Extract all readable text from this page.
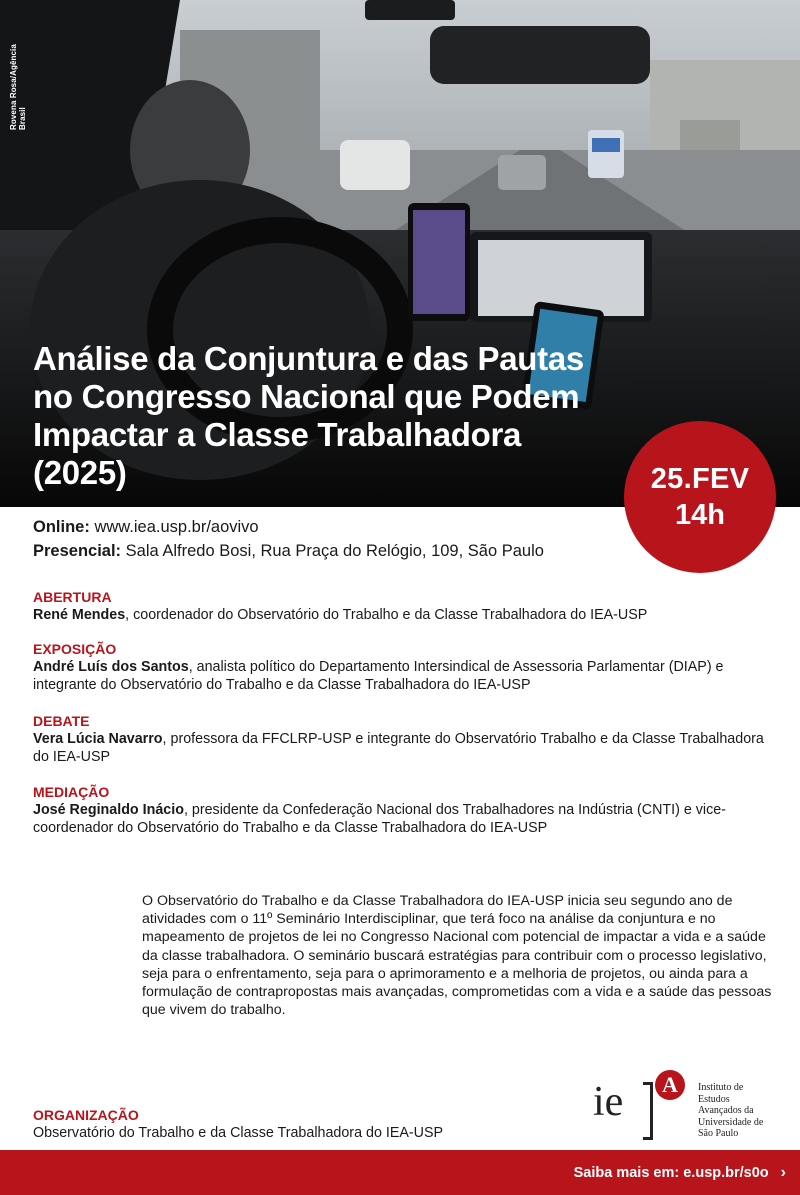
Rovena Rosa/Agência Brasil
Análise da Conjuntura e das Pautas no Congresso Nacional que Podem Impactar a Classe Trabalhadora (2025)	25.FEV
14h
Online: www.iea.usp.br/aovivo
Presencial: Sala Alfredo Bosi, Rua Praça do Relógio, 109, São Paulo
ABERTURA
René Mendes, coordenador do Observatório do Trabalho e da Classe Trabalhadora do IEA-USP
EXPOSIÇÃO
André Luís dos Santos, analista político do Departamento Intersindical de Assessoria Parlamentar (DIAP) e integrante do Observatório do Trabalho e da Classe Trabalhadora do IEA-USP
DEBATE
Vera Lúcia Navarro, professora da FFCLRP-USP e integrante do Observatório Trabalho e da Classe Trabalhadora do IEA-USP
MEDIAÇÃO
José Reginaldo Inácio, presidente da Confederação Nacional dos Trabalhadores na Indústria (CNTI) e vice-coordenador do Observatório do Trabalho e da Classe Trabalhadora do IEA-USP

O Observatório do Trabalho e da Classe Trabalhadora do IEA-USP inicia seu segundo ano de atividades com o 11º Seminário Interdisciplinar, que terá foco na análise da conjuntura e no mapeamento de projetos de lei no Congresso Nacional com potencial de impactar a vida e a saúde da classe trabalhadora. O seminário buscará estratégias para contribuir com o processo legislativo, seja para o enfrentamento, seja para o aprimoramento e a melhoria de projetos, ou ainda para a formulação de contrapropostas mais avançadas, comprometidas com a vida e a saúde das pessoas que vivem do trabalho.

ORGANIZAÇÃO
Observatório do Trabalho e da Classe Trabalhadora do IEA-USP
ie	A	Instituto de
Estudos
Avançados da
Universidade de
São Paulo
Saiba mais em: e.usp.br/s0o ›
